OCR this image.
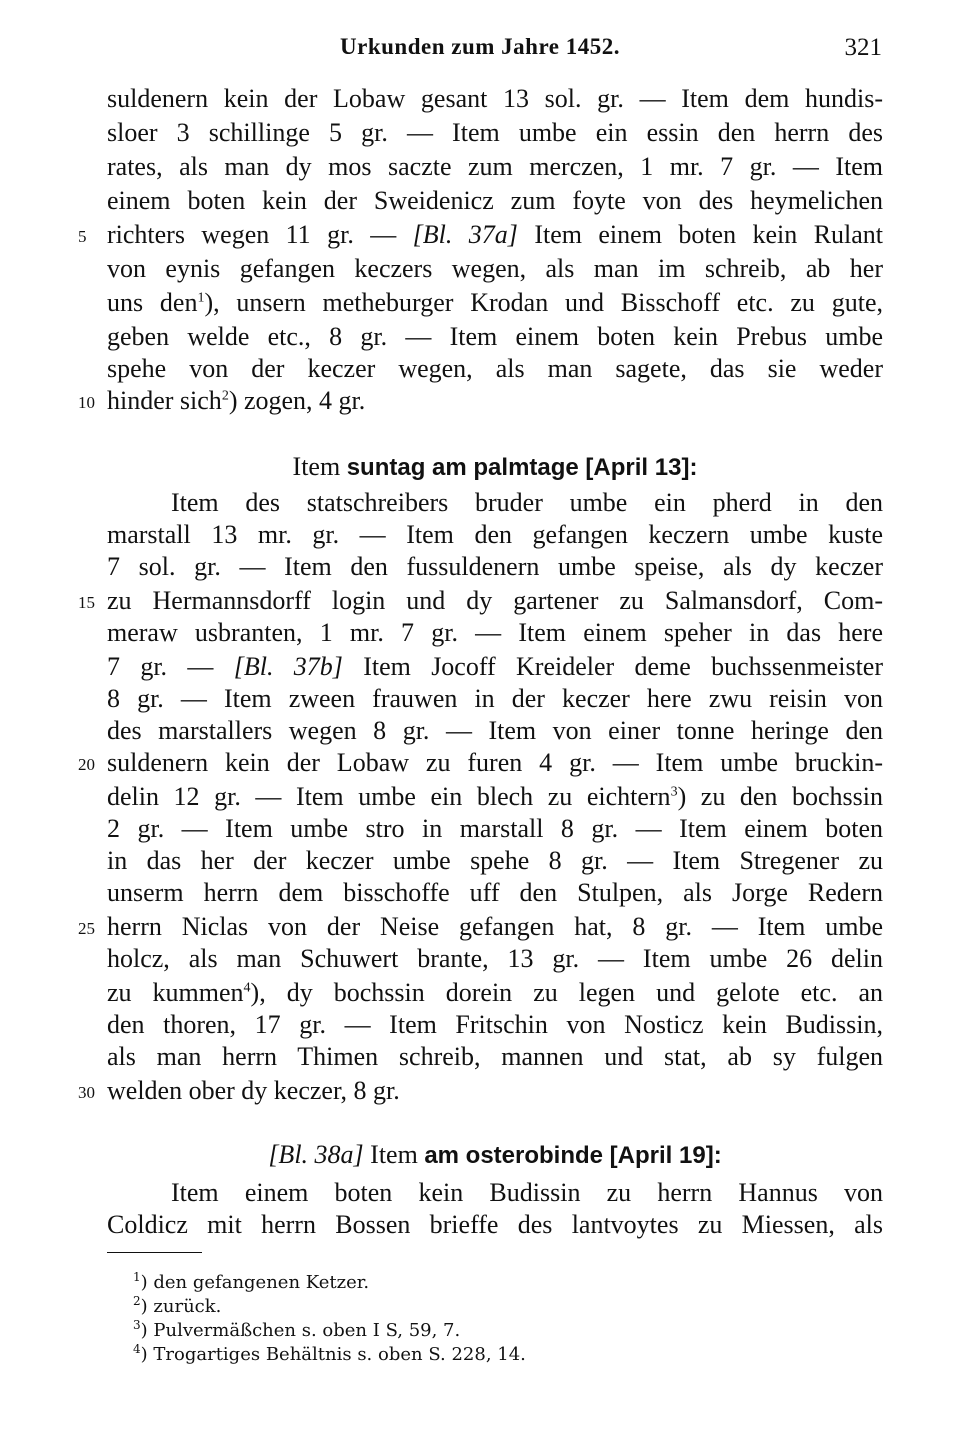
Urkunden zum Jahre 1452.	321
suldenern kein der Lobaw gesant 13 sol. gr. — Item dem hundis-
sloer 3 schillinge 5 gr. — Item umbe ein essin den herrn des
rates, als man dy mos saczte zum merczen, 1 mr. 7 gr. — Item
einem boten kein der Sweidenicz zum foyte von des heymelichen
richters wegen 11 gr. — [Bl. 37a] Item einem boten kein Rulant
von eynis gefangen keczers wegen, als man im schreib, ab her
uns den$^1$), unsern metheburger Krodan und Bisschoff etc. zu gute,
geben welde etc., 8 gr. — Item einem boten kein Prebus umbe
spehe von der keczer wegen, als man sagete, das sie weder
hinder sich$^2$) zogen, 4 gr.
Item suntag am palmtage [April 13]:
Item des statschreibers bruder umbe ein pherd in den
marstall 13 mr. gr. — Item den gefangen keczern umbe kuste
7 sol. gr. — Item den fussuldenern umbe speise, als dy keczer
zu Hermannsdorff login und dy gartener zu Salmansdorf, Com-
meraw usbranten, 1 mr. 7 gr. — Item einem speher in das here
7 gr. — [Bl. 37b] Item Jocoff Kreideler deme buchssenmeister
8 gr. — Item zween frauwen in der keczer here zwu reisin von
des marstallers wegen 8 gr. — Item von einer tonne heringe den
suldenern kein der Lobaw zu furen 4 gr. — Item umbe bruckin-
delin 12 gr. — Item umbe ein blech zu eichtern$^3$) zu den bochssin
2 gr. — Item umbe stro in marstall 8 gr. — Item einem boten
in das her der keczer umbe spehe 8 gr. — Item Stregener zu
unserm herrn dem bisschoffe uff den Stulpen, als Jorge Redern
herrn Niclas von der Neise gefangen hat, 8 gr. — Item umbe
holcz, als man Schuwert brante, 13 gr. — Item umbe 26 delin
zu kummen$^4$), dy bochssin dorein zu legen und gelote etc. an
den thoren, 17 gr. — Item Fritschin von Nosticz kein Budissin,
als man herrn Thimen schreib, mannen und stat, ab sy fulgen
welden ober dy keczer, 8 gr.
[Bl. 38a] Item am osterobinde [April 19]:
Item einem boten kein Budissin zu herrn Hannus von
Coldicz mit herrn Bossen brieffe des lantvoytes zu Miessen, als
5
10
15
20
25
30
$^1$) den gefangenen Ketzer.
$^2$) zurück.
$^3$) Pulvermäßchen s. oben I S, 59, 7.
$^4$) Trogartiges Behältnis s. oben S. 228, 14.
